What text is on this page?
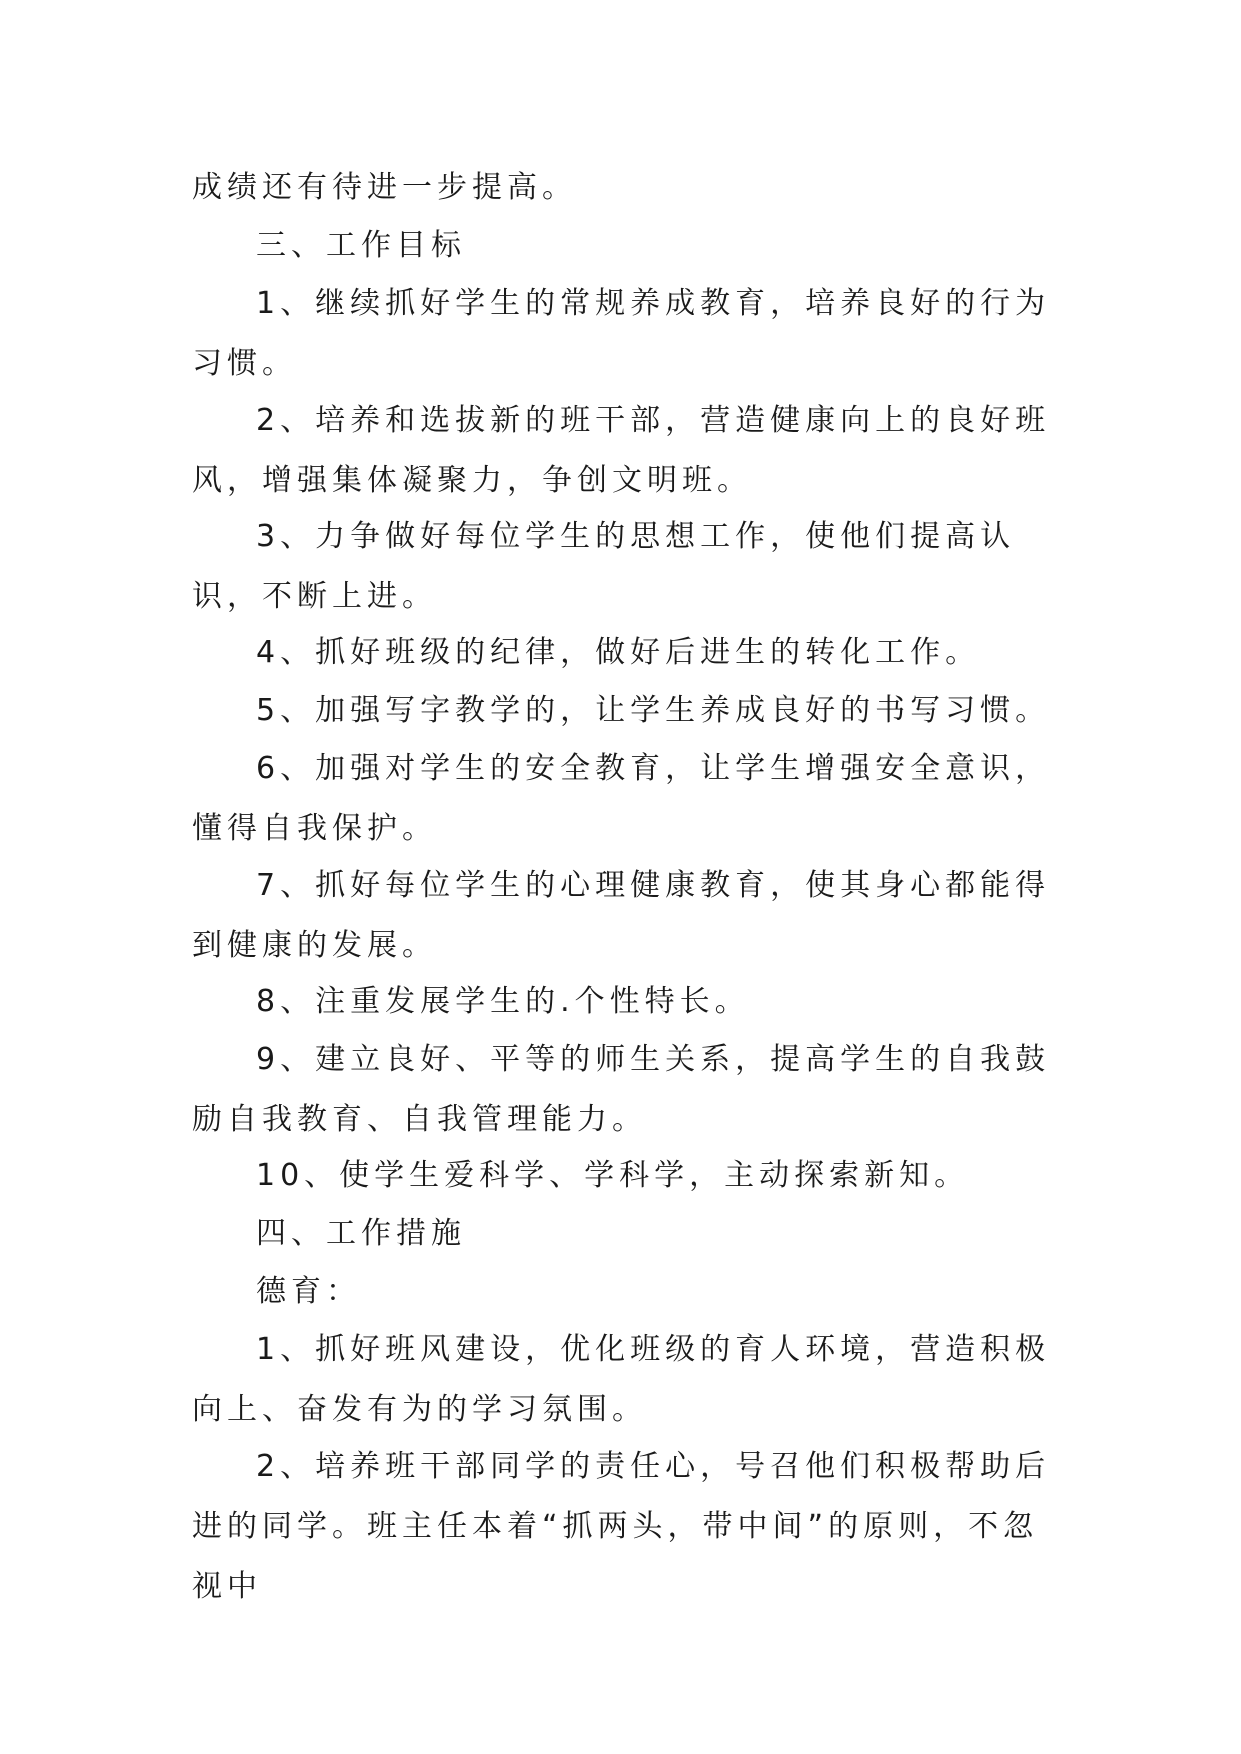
成绩还有待进一步提高。

三、工作目标

1、继续抓好学生的常规养成教育，培养良好的行为习惯。

2、培养和选拔新的班干部，营造健康向上的良好班风，增强集体凝聚力，争创文明班。

3、力争做好每位学生的思想工作，使他们提高认识，不断上进。

4、抓好班级的纪律，做好后进生的转化工作。

5、加强写字教学的，让学生养成良好的书写习惯。

6、加强对学生的安全教育，让学生增强安全意识，懂得自我保护。

7、抓好每位学生的心理健康教育，使其身心都能得到健康的发展。

8、注重发展学生的.个性特长。

9、建立良好、平等的师生关系，提高学生的自我鼓励自我教育、自我管理能力。

10、使学生爱科学、学科学，主动探索新知。

四、工作措施

德育：

1、抓好班风建设，优化班级的育人环境，营造积极向上、奋发有为的学习氛围。

2、培养班干部同学的责任心，号召他们积极帮助后进的同学。班主任本着“抓两头，带中间”的原则，不忽视中
